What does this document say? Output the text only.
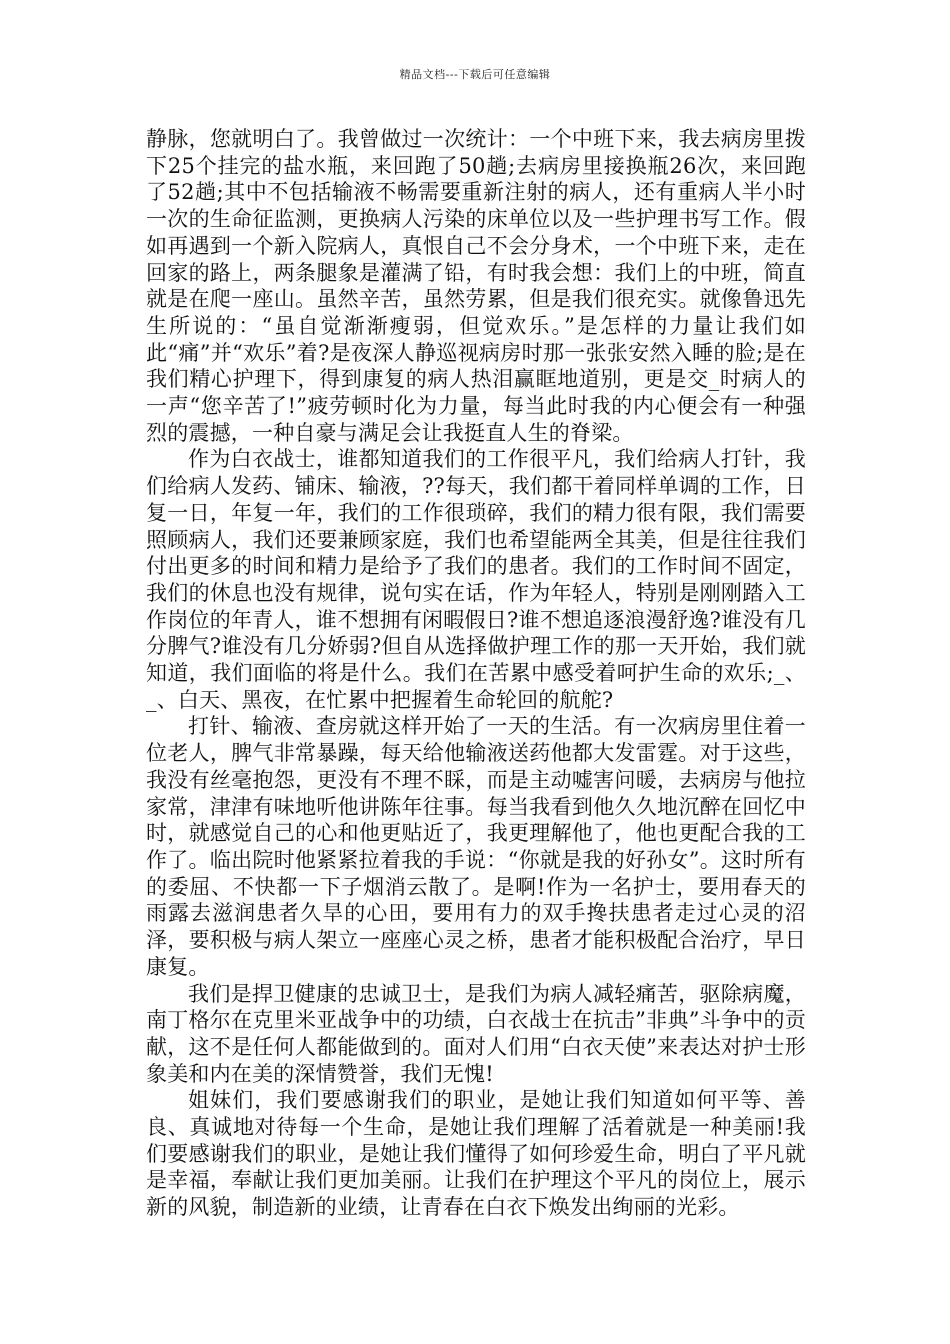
精品文档---下载后可任意编辑

静脉，您就明白了。我曾做过一次统计：一个中班下来，我去病房里拨下25个挂完的盐水瓶，来回跑了50趟;去病房里接换瓶26次，来回跑了52趟;其中不包括输液不畅需要重新注射的病人，还有重病人半小时一次的生命征监测，更换病人污染的床单位以及一些护理书写工作。假如再遇到一个新入院病人，真恨自己不会分身术，一个中班下来，走在回家的路上，两条腿象是灌满了铅，有时我会想：我们上的中班，简直就是在爬一座山。虽然辛苦，虽然劳累，但是我们很充实。就像鲁迅先生所说的：“虽自觉渐渐瘦弱，但觉欢乐。”是怎样的力量让我们如此“痛”并“欢乐”着?是夜深人静巡视病房时那一张张安然入睡的脸;是在我们精心护理下，得到康复的病人热泪赢眶地道别，更是交_时病人的一声“您辛苦了!”疲劳顿时化为力量，每当此时我的内心便会有一种强烈的震撼，一种自豪与满足会让我挺直人生的脊梁。

作为白衣战士，谁都知道我们的工作很平凡，我们给病人打针，我们给病人发药、铺床、输液，??每天，我们都干着同样单调的工作，日复一日，年复一年，我们的工作很琐碎，我们的精力很有限，我们需要照顾病人，我们还要兼顾家庭，我们也希望能两全其美，但是往往我们付出更多的时间和精力是给予了我们的患者。我们的工作时间不固定，我们的休息也没有规律，说句实在话，作为年轻人，特别是刚刚踏入工作岗位的年青人，谁不想拥有闲暇假日?谁不想追逐浪漫舒逸?谁没有几分脾气?谁没有几分娇弱?但自从选择做护理工作的那一天开始，我们就知道，我们面临的将是什么。我们在苦累中感受着呵护生命的欢乐;_、_、白天、黑夜，在忙累中把握着生命轮回的航舵?

打针、输液、查房就这样开始了一天的生活。有一次病房里住着一位老人，脾气非常暴躁，每天给他输液送药他都大发雷霆。对于这些，我没有丝毫抱怨，更没有不理不睬，而是主动嘘害问暖，去病房与他拉家常，津津有味地听他讲陈年往事。每当我看到他久久地沉醉在回忆中时，就感觉自己的心和他更贴近了，我更理解他了，他也更配合我的工作了。临出院时他紧紧拉着我的手说：“你就是我的好孙女”。这时所有的委屈、不快都一下子烟消云散了。是啊!作为一名护士，要用春天的雨露去滋润患者久旱的心田，要用有力的双手搀扶患者走过心灵的沼泽，要积极与病人架立一座座心灵之桥，患者才能积极配合治疗，早日康复。

我们是捍卫健康的忠诚卫士，是我们为病人减轻痛苦，驱除病魔，南丁格尔在克里米亚战争中的功绩，白衣战士在抗击”非典”斗争中的贡献，这不是任何人都能做到的。面对人们用“白衣天使”来表达对护士形象美和内在美的深情赞誉，我们无愧!

姐妹们，我们要感谢我们的职业，是她让我们知道如何平等、善良、真诚地对待每一个生命，是她让我们理解了活着就是一种美丽!我们要感谢我们的职业，是她让我们懂得了如何珍爱生命，明白了平凡就是幸福，奉献让我们更加美丽。让我们在护理这个平凡的岗位上，展示新的风貌，制造新的业绩，让青春在白衣下焕发出绚丽的光彩。
